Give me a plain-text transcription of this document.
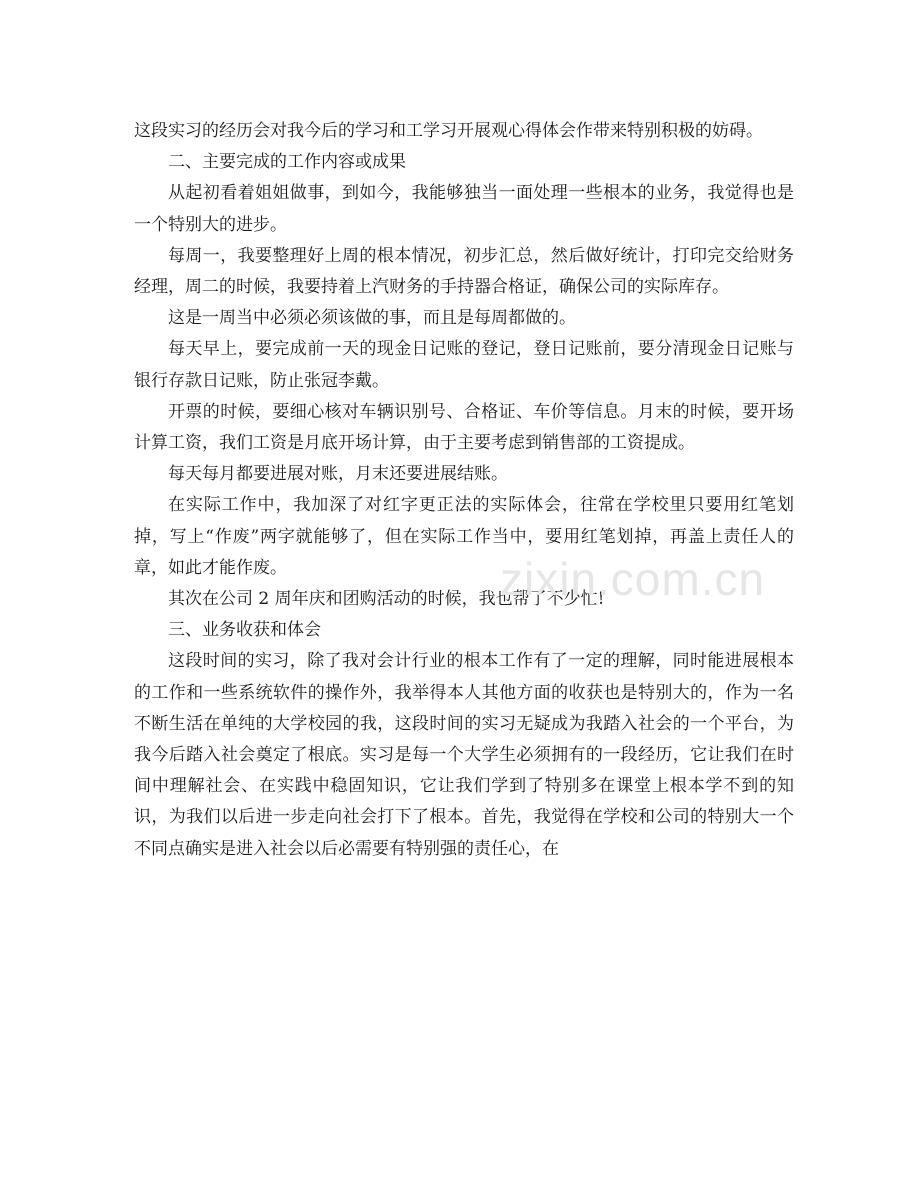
这段实习的经历会对我今后的学习和工学习开展观心得体会作带来特别积极的妨碍。

二、主要完成的工作内容或成果

从起初看着姐姐做事，到如今，我能够独当一面处理一些根本的业务，我觉得也是一个特别大的进步。

每周一，我要整理好上周的根本情况，初步汇总，然后做好统计，打印完交给财务经理，周二的时候，我要持着上汽财务的手持器合格证，确保公司的实际库存。

这是一周当中必须必须该做的事，而且是每周都做的。

每天早上，要完成前一天的现金日记账的登记，登日记账前，要分清现金日记账与银行存款日记账，防止张冠李戴。

开票的时候，要细心核对车辆识别号、合格证、车价等信息。月末的时候，要开场计算工资，我们工资是月底开场计算，由于主要考虑到销售部的工资提成。

每天每月都要进展对账，月末还要进展结账。

在实际工作中，我加深了对红字更正法的实际体会，往常在学校里只要用红笔划掉，写上“作废”两字就能够了，但在实际工作当中，要用红笔划掉，再盖上责任人的章，如此才能作废。

其次在公司 2 周年庆和团购活动的时候，我也帮了不少忙!

三、业务收获和体会

这段时间的实习，除了我对会计行业的根本工作有了一定的理解，同时能进展根本的工作和一些系统软件的操作外，我举得本人其他方面的收获也是特别大的，作为一名不断生活在单纯的大学校园的我，这段时间的实习无疑成为我踏入社会的一个平台，为我今后踏入社会奠定了根底。实习是每一个大学生必须拥有的一段经历，它让我们在时间中理解社会、在实践中稳固知识，它让我们学到了特别多在课堂上根本学不到的知识，为我们以后进一步走向社会打下了根本。首先，我觉得在学校和公司的特别大一个不同点确实是进入社会以后必需要有特别强的责任心，在

zixin.com.cn
